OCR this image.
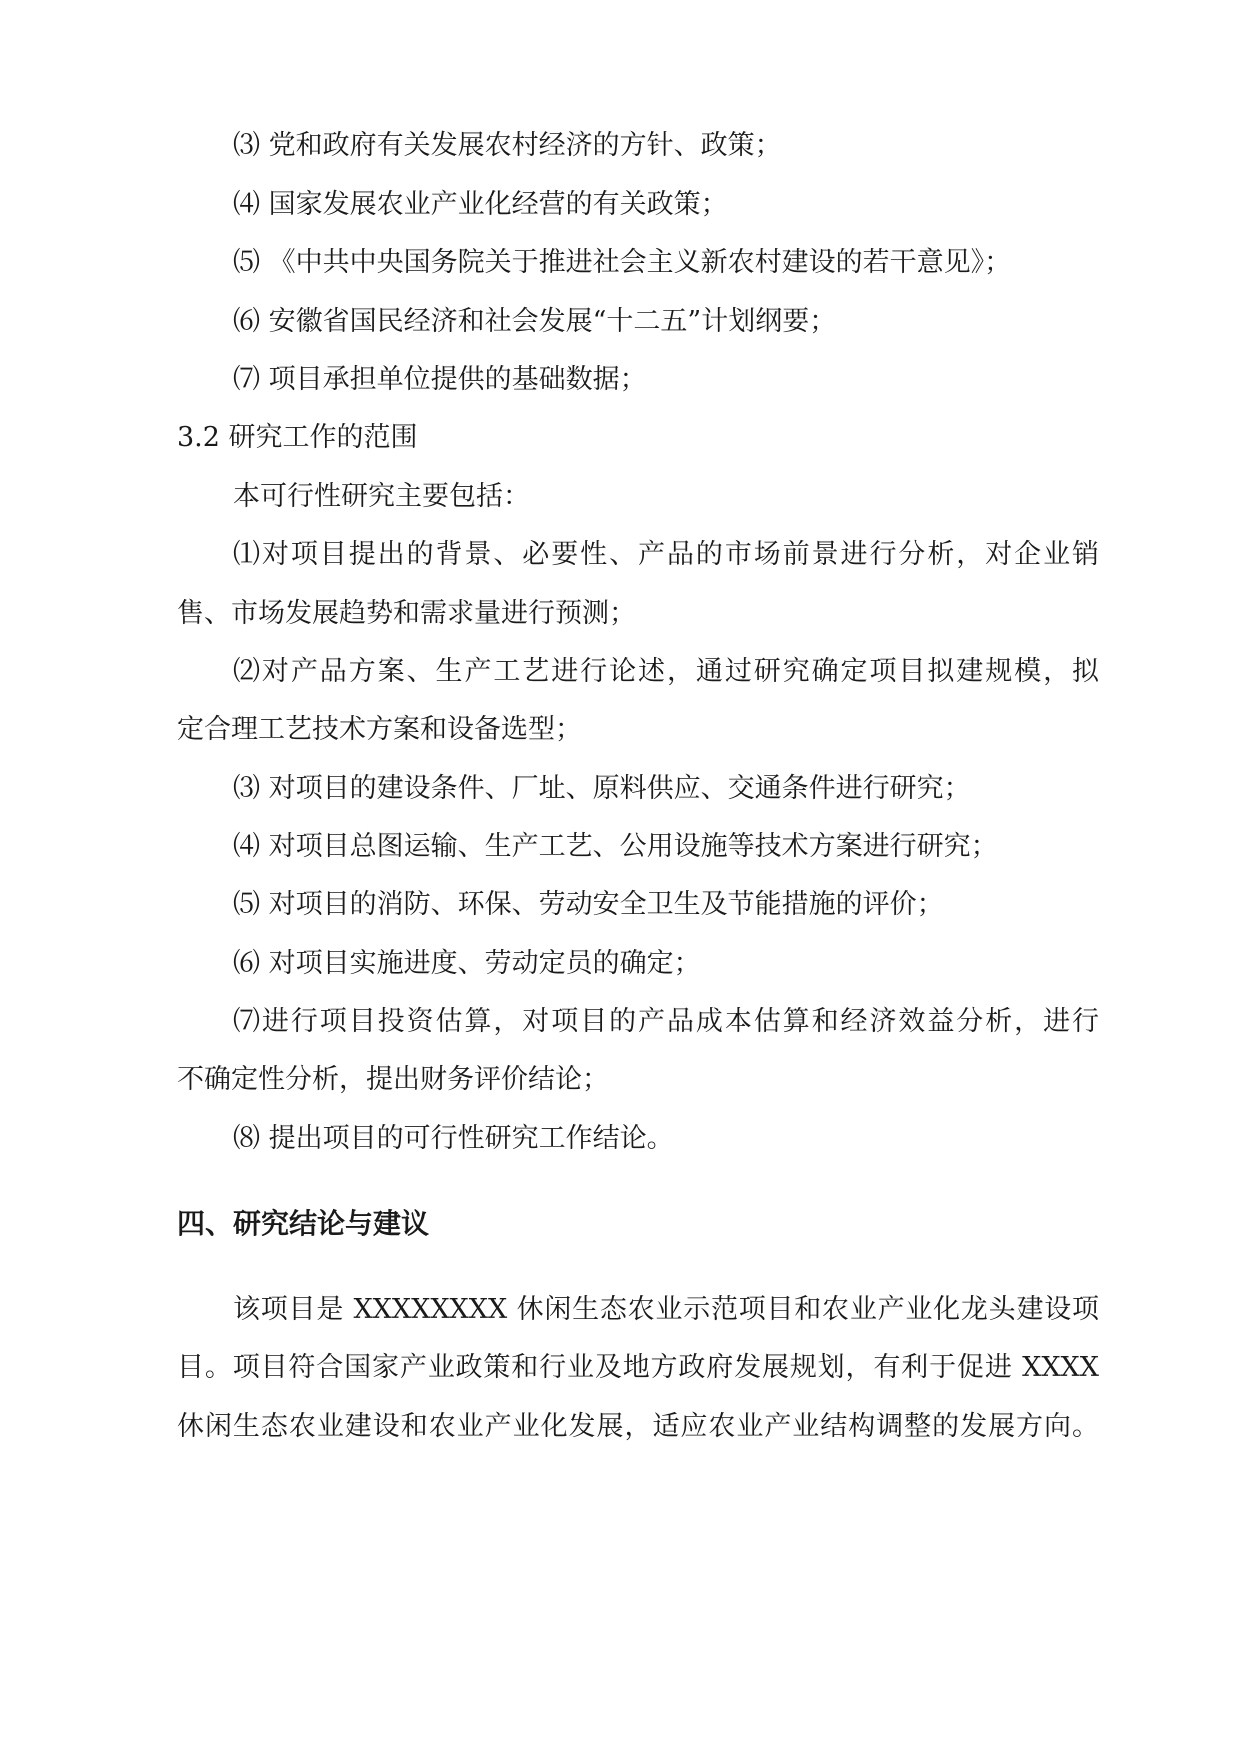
⑶ 党和政府有关发展农村经济的方针、政策；
⑷ 国家发展农业产业化经营的有关政策；
⑸ 《中共中央国务院关于推进社会主义新农村建设的若干意见》；
⑹ 安徽省国民经济和社会发展“十二五”计划纲要；
⑺ 项目承担单位提供的基础数据；
3.2 研究工作的范围
本可行性研究主要包括：
⑴对项目提出的背景、必要性、产品的市场前景进行分析，对企业销
售、市场发展趋势和需求量进行预测；
⑵对产品方案、生产工艺进行论述，通过研究确定项目拟建规模，拟
定合理工艺技术方案和设备选型；
⑶ 对项目的建设条件、厂址、原料供应、交通条件进行研究；
⑷ 对项目总图运输、生产工艺、公用设施等技术方案进行研究；
⑸ 对项目的消防、环保、劳动安全卫生及节能措施的评价；
⑹ 对项目实施进度、劳动定员的确定；
⑺进行项目投资估算，对项目的产品成本估算和经济效益分析，进行
不确定性分析，提出财务评价结论；
⑻ 提出项目的可行性研究工作结论。
四、研究结论与建议
该项目是 XXXXXXXX 休闲生态农业示范项目和农业产业化龙头建设项
目。项目符合国家产业政策和行业及地方政府发展规划，有利于促进 XXXX
休闲生态农业建设和农业产业化发展，适应农业产业结构调整的发展方向。
